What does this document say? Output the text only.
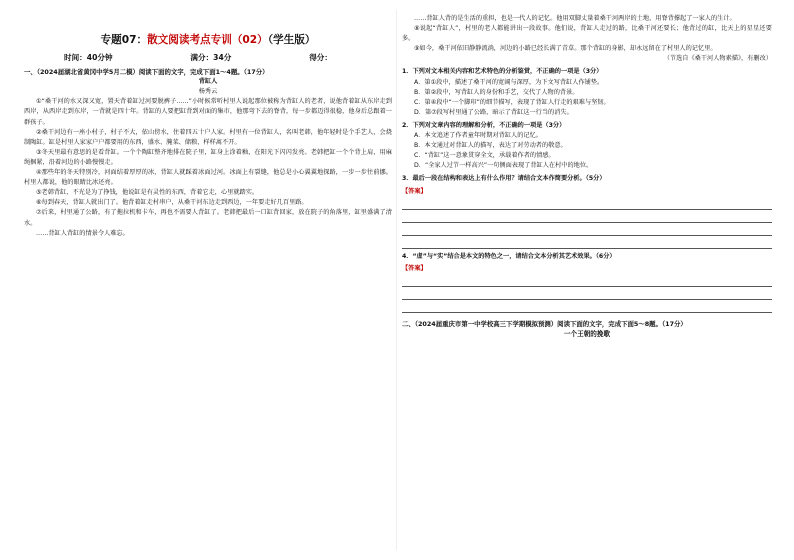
专题07：散文阅读考点专训（02）（学生版）
时间：40分钟	满分：34分	得分：

一、（2024届湖北省黄冈中学5月二模）阅读下面的文字，完成下面1～4题。（17分）

背缸人

杨秀云

①“桑干河的水又深又宽，置天背着缸过河要脱裤子……”小时候常听村里人说起那位被称为背缸人的老者，说他背着缸从东岸走到西岸，从西岸走到东岸，一背就是四十年。背缸的人要把缸背到对面的集市，他那弯下去的脊背，每一步都迈得很稳，他身后总跟着一群孩子。

②桑干河边有一座小村子，村子不大，依山傍水，住着四五十户人家。村里有一位背缸人，名叫老韩，他年轻时是个手艺人，会烧制陶缸。缸是村里人家家户户都要用的东西，盛水、腌菜、储粮，样样离不开。

③冬天里最有意思的是看背缸。一个个陶缸整齐地排在院子里，缸身上涂着釉，在阳光下闪闪发亮。老韩把缸一个个背上肩，用麻绳捆紧，沿着河边的小路慢慢走。

④那些年的冬天特别冷，河面结着厚厚的冰，背缸人就踩着冰面过河。冰面上有裂缝，他总是小心翼翼地探路，一步一步往前挪。村里人都说，他的眼睛比冰还亮。

⑤老韩背缸，不光是为了挣钱，他说缸是有灵性的东西，背着它走，心里就踏实。

⑥每到春天，背缸人就出门了。他背着缸走村串户，从桑干河东边走到西边，一年要走好几百里路。

⑦后来，村里通了公路，有了拖拉机和卡车，再也不需要人背缸了。老韩把最后一口缸背回家，放在院子的角落里，缸里盛满了清水。

……背缸人背缸的情景令人难忘。

……背缸人背的是生活的重担，也是一代人的记忆。他用双脚丈量着桑干河两岸的土地，用脊背撑起了一家人的生计。

⑧说起“背缸人”，村里的老人都能讲出一段故事。他们说，背缸人走过的路，比桑干河还要长；他背过的缸，比天上的星星还要多。

⑨如今，桑干河依旧静静流淌，河边的小路已经长满了青草。那个背缸的身影，却永远留在了村里人的记忆里。

（节选自《桑干河人物素描》，有删改）

1．下列对文本相关内容和艺术特色的分析鉴赏，不正确的一项是（3分）

A．第①段中，描述了桑干河的宽阔与深厚，为下文写背缸人作铺垫。

B．第②段中，写背缸人的身份和手艺，交代了人物的背景。

C．第④段中“一个脚印”的细节描写，表现了背缸人行走的艰难与坚韧。

D．第⑦段写村里通了公路，暗示了背缸这一行当的消失。

2．下列对文章内容的理解和分析，不正确的一项是（3分）

A．本文追述了作者童年时期对背缸人的记忆。

B．本文通过对背缸人的描写，表达了对劳动者的敬意。

C．“背缸”这一意象贯穿全文，承载着作者的情感。

D．“全家人过节一样高兴”一句侧面表现了背缸人在村中的地位。

3．最后一段在结构和表达上有什么作用？请结合文本作简要分析。（5分）

【答案】

4．“虚”与“实”结合是本文的特色之一，请结合文本分析其艺术效果。（6分）

【答案】

二、（2024届重庆市第一中学校高三下学期模拟预测）阅读下面的文字，完成下面5～8题。（17分）

一个王朝的挽歌
